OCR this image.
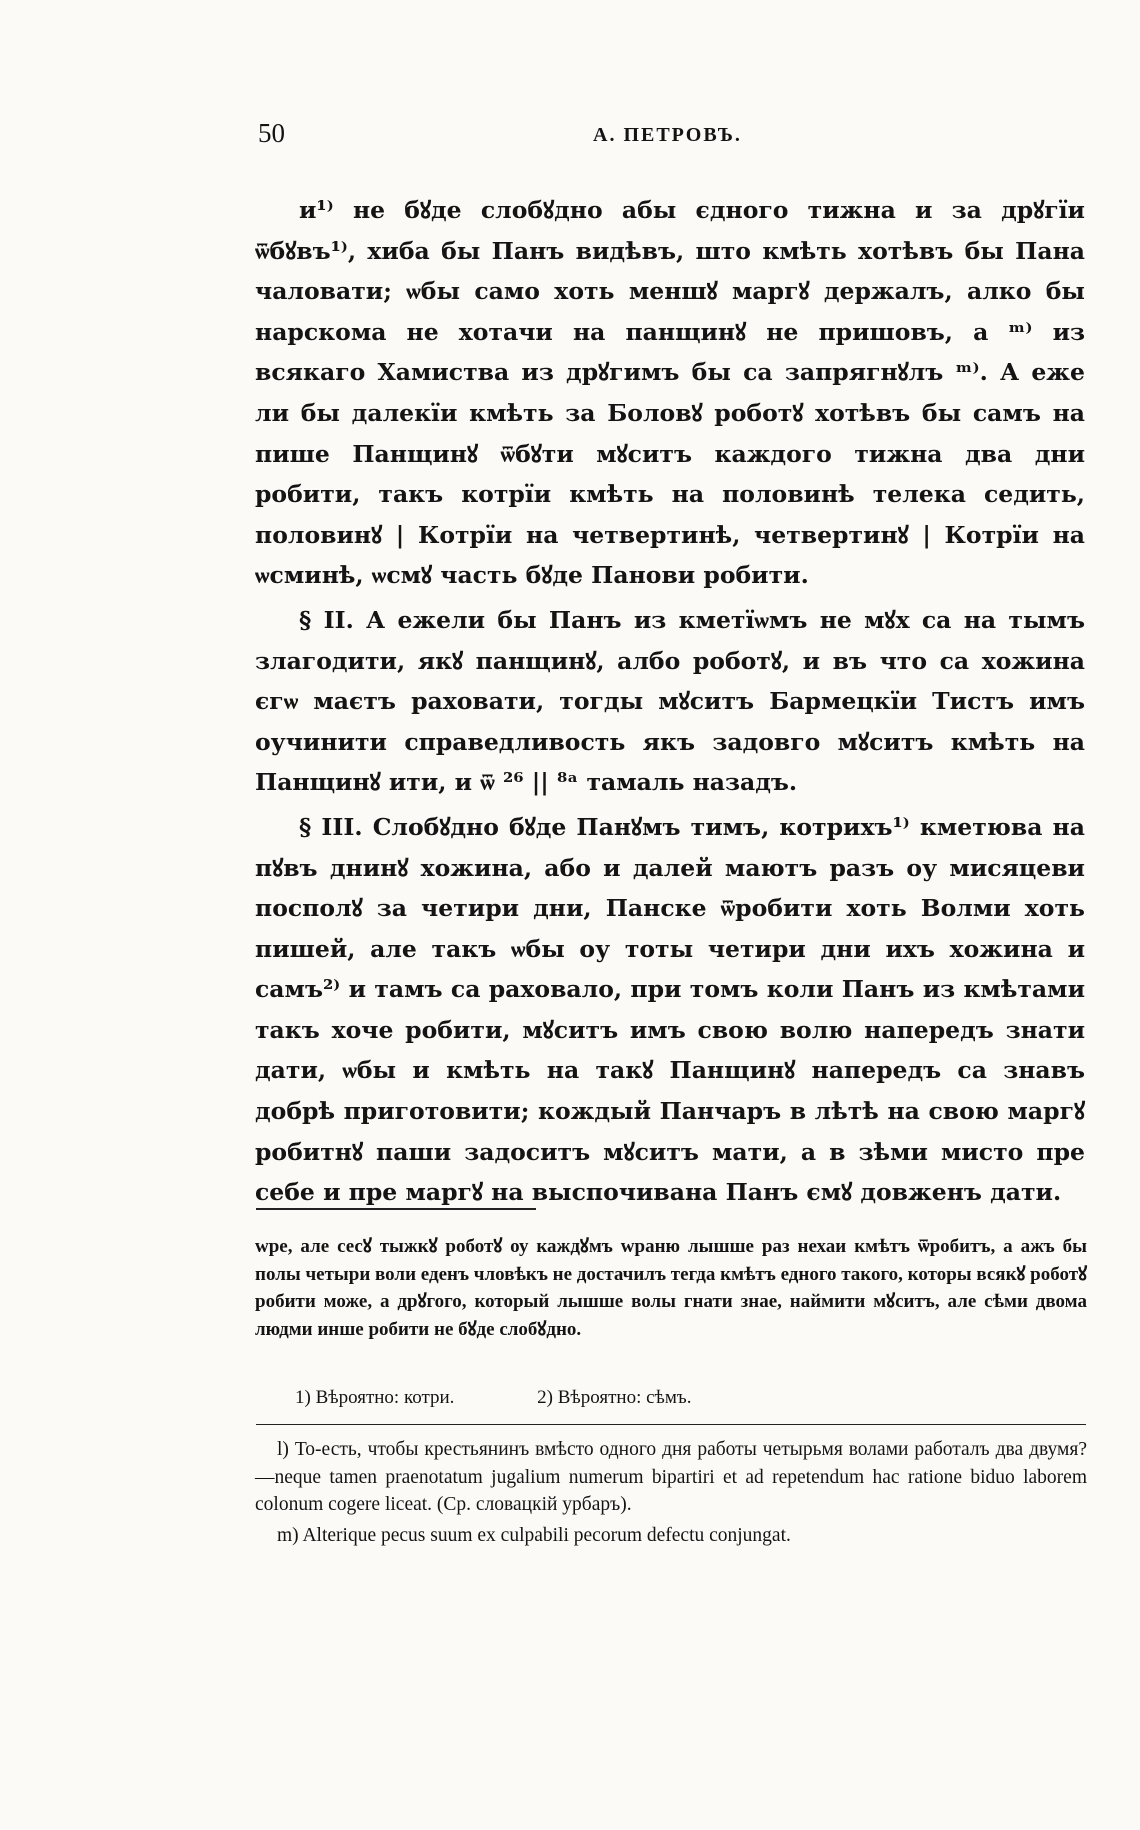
50	А. ПЕТРОВЪ.

и¹⁾ не бꙋде слобꙋдно абы єдного тижна и за дрꙋгїи ѿбꙋвъ¹⁾, хиба бы Панъ видѣвъ, што кмѣть хотѣвъ бы Пана чаловати; ѡбы само хоть меншꙋ маргꙋ держалъ, алко бы нарскома не хотачи на панщинꙋ не пришовъ, а ᵐ⁾ из всякаго Хамиства из дрꙋгимъ бы са запрягнꙋлъ ᵐ⁾. А еже ли бы далекїи кмѣть за Боловꙋ роботꙋ хотѣвъ бы самъ на пише Панщинꙋ ѿбꙋти мꙋситъ каждого тижна два дни робити, такъ котрїи кмѣть на половинѣ телека седить, половинꙋ | Котрїи на четвертинѣ, четвертинꙋ | Котрїи на ѡсминѣ, ѡсмꙋ часть бꙋде Панови робити.

§ II. А ежели бы Панъ из кметїѡмъ не мꙋх са на тымъ злагодити, якꙋ панщинꙋ, албо роботꙋ, и въ что са хожина єгѡ маєтъ раховати, тогды мꙋситъ Бармецкїи Тистъ имъ оучинити справедливость якъ задовго мꙋситъ кмѣть на Панщинꙋ ити, и ѿ ²⁶ || ⁸ᵃ тамаль назадъ.

§ III. Слобꙋдно бꙋде Панꙋмъ тимъ, котрихъ¹⁾ кметюва на пꙋвъ днинꙋ хожина, або и далей маютъ разъ оу мисяцеви посполꙋ за четири дни, Панске ѿробити хоть Волми хоть пишей, але такъ ѡбы оу тоты четири дни ихъ хожина и самъ²⁾ и тамъ са раховало, при томъ коли Панъ из кмѣтами такъ хоче робити, мꙋситъ имъ свою волю напередъ знати дати, ѡбы и кмѣть на такꙋ Панщинꙋ напередъ са знавъ добрѣ приготовити; кождый Панчаръ в лѣтѣ на свою маргꙋ робитнꙋ паши задоситъ мꙋситъ мати, а в зѣми мисто пре себе и пре маргꙋ на выспочивана Панъ ємꙋ довженъ дати.

wpe, але сесꙋ тыжкꙋ роботꙋ оу каждꙋмъ wраню лышше раз нехаи кмѣтъ ѿробитъ, а ажъ бы полы четыри воли еденъ чловѣкъ не достачилъ тегда кмѣтъ едного такого, которы всякꙋ роботꙋ робити може, а дрꙋгого, который лышше волы гнати знае, наймити мꙋситъ, але сѣми двома людми инше робити не бꙋде слобꙋдно.

1) Вѣроятно: котри.	2) Вѣроятно: сѣмъ.

l) То-есть, чтобы крестьянинъ вмѣсто одного дня работы четырьмя волами работалъ два двумя?—neque tamen praenotatum jugalium numerum bipartiri et ad repetendum hac ratione biduo laborem colonum cogere liceat. (Ср. словацкiй урбаръ).

m) Alterique pecus suum ex culpabili pecorum defectu conjungat.
